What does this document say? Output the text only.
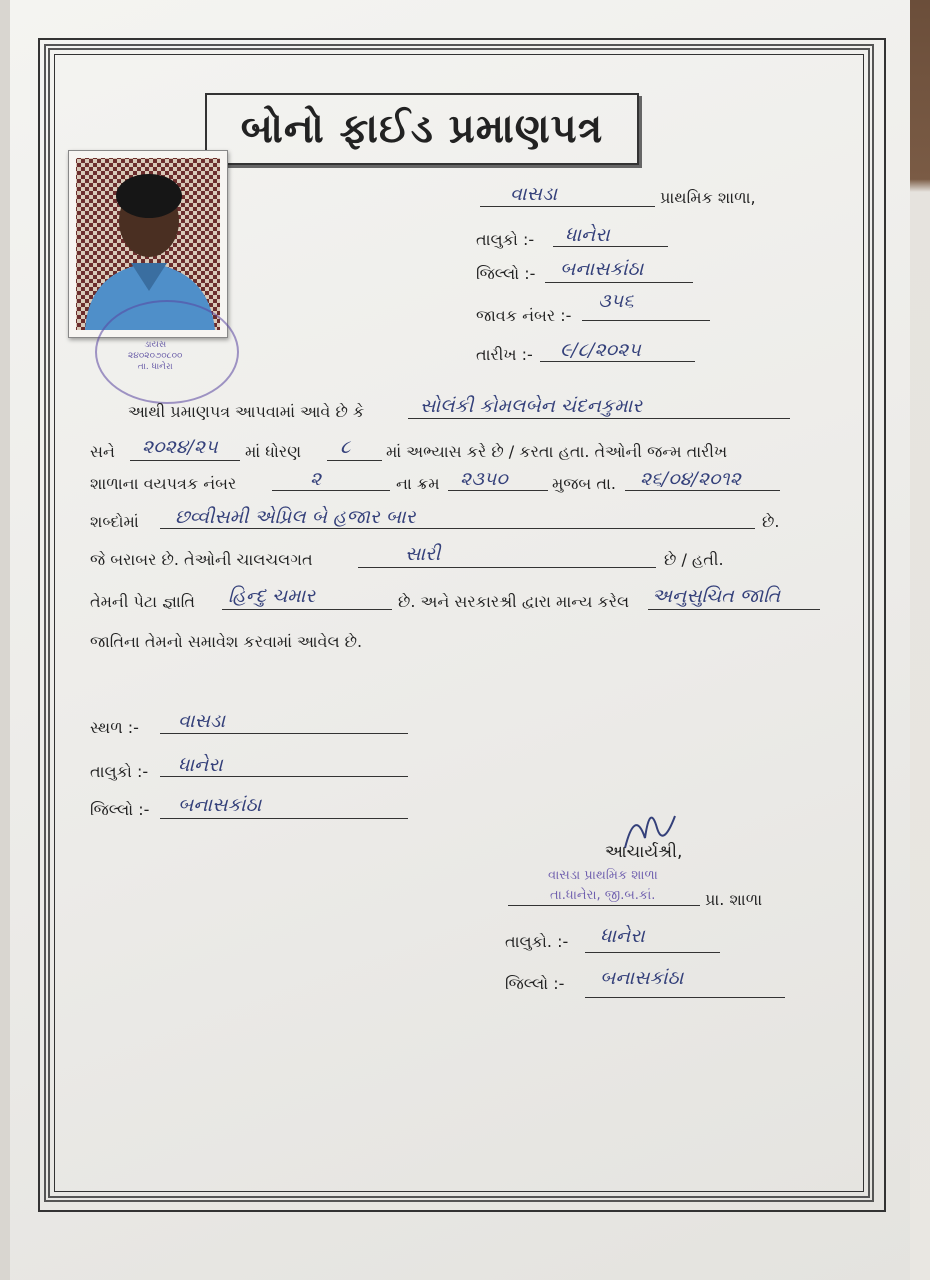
બોનો ફાઈડ પ્રમાણપત્ર
ડાયસ
૨૪૦૨૦૭૦૮૦૦
તા. ધાનેરા
વાસડા	પ્રાથમિક શાળા,
તાલુકો :- ધાનેરા
જિલ્લો :- બનાસકાંઠા
જાવક નંબર :-
૩૫૬
તારીખ :- ૯/૮/૨૦૨૫
આથી પ્રમાણપત્ર આપવામાં આવે છે કે	સોલંકી કોમલબેન ચંદનકુમાર
સને ૨૦૨૪/૨૫ માં ધોરણ ૮ માં અભ્યાસ કરે છે / કરતા હતા. તેઓની જન્મ તારીખ
શાળાના વયપત્રક નંબર	૨	ના ક્રમ ૨૩૫૦	મુજબ તા. ૨૬/૦૪/૨૦૧૨
શબ્દોમાં છવ્વીસમી એપ્રિલ બે હજાર બાર	છે.
જે બરાબર છે. તેઓની ચાલચલગત	સારી	છે / હતી.
તેમની પેટા જ્ઞાતિ હિન્દુ ચમાર	છે. અને સરકારશ્રી દ્વારા માન્ય કરેલ અનુસુચિત જાતિ
જાતિના તેમનો સમાવેશ કરવામાં આવેલ છે.
સ્થળ :- વાસડા
તાલુકો :- ધાનેરા
જિલ્લો :- બનાસકાંઠા
આચાર્યશ્રી,
વાસડા પ્રાથમિક શાળા
તા.ધાનેરા, જી.બ.કાં.	પ્રા. શાળા
તાલુકો. :- ધાનેરા
જિલ્લો :- બનાસકાંઠા
